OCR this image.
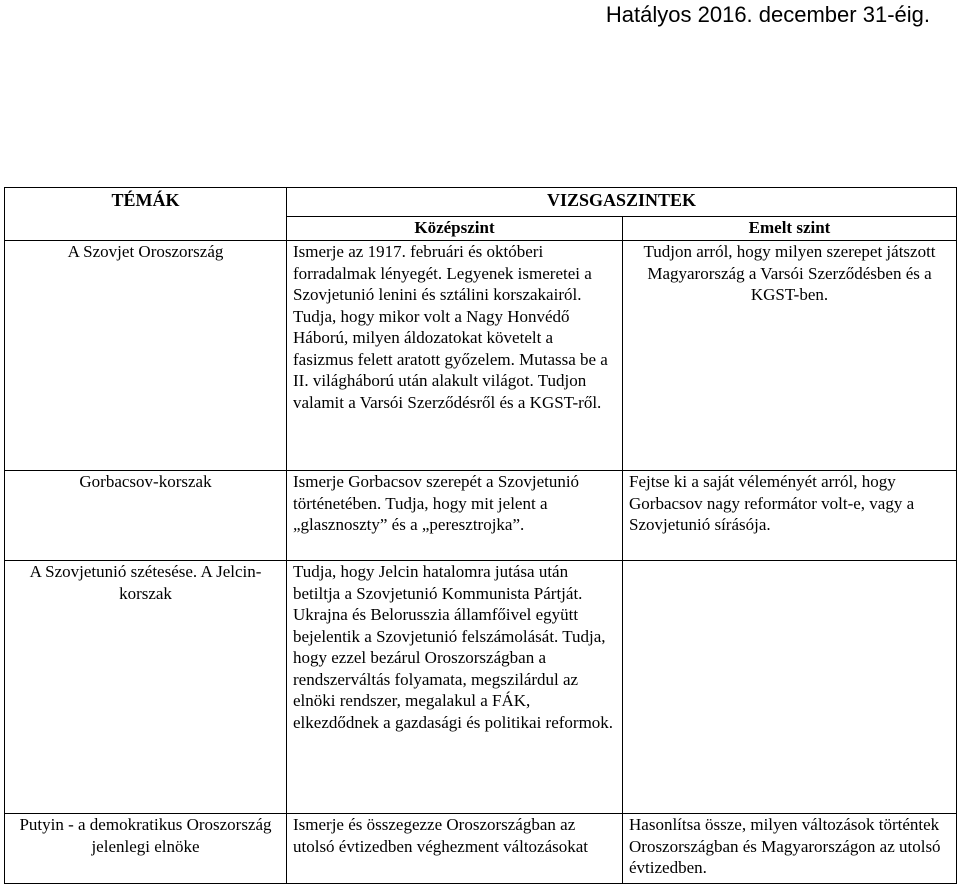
Hatályos 2016. december 31-éig.
TÉMÁK	VIZSGASZINTEK	
	Középszint	Emelt szint
A Szovjet Oroszország	Ismerje az 1917. februári és októberi forradalmak lényegét. Legyenek ismeretei a Szovjetunió lenini és sztálini korszakairól. Tudja, hogy mikor volt a Nagy Honvédő Háború, milyen áldozatokat követelt a fasizmus felett aratott győzelem. Mutassa be a II. világháború után alakult világot. Tudjon valamit a Varsói Szerződésről és a KGST-ről.	Tudjon arról, hogy milyen szerepet játszott Magyarország a Varsói Szerződésben és a KGST-ben.
Gorbacsov-korszak	Ismerje Gorbacsov szerepét a Szovjetunió történetében. Tudja, hogy mit jelent a „glasznoszty” és a „peresztrojka”.	Fejtse ki a saját véleményét arról, hogy Gorbacsov nagy reformátor volt-e, vagy a Szovjetunió sírásója.
A Szovjetunió szétesése. A Jelcin-korszak	Tudja, hogy Jelcin hatalomra jutása után betiltja a Szovjetunió Kommunista Pártját. Ukrajna és Belorusszia államfőivel együtt bejelentik a Szovjetunió felszámolását. Tudja, hogy ezzel bezárul Oroszországban a rendszerváltás folyamata, megszilárdul az elnöki rendszer, megalakul a FÁK, elkezdődnek a gazdasági és politikai reformok.	
Putyin - a demokratikus Oroszország jelenlegi elnöke	Ismerje és összegezze Oroszországban az utolsó évtizedben véghezment változásokat	Hasonlítsa össze, milyen változások történtek Oroszországban és Magyarországon az utolsó évtizedben.
